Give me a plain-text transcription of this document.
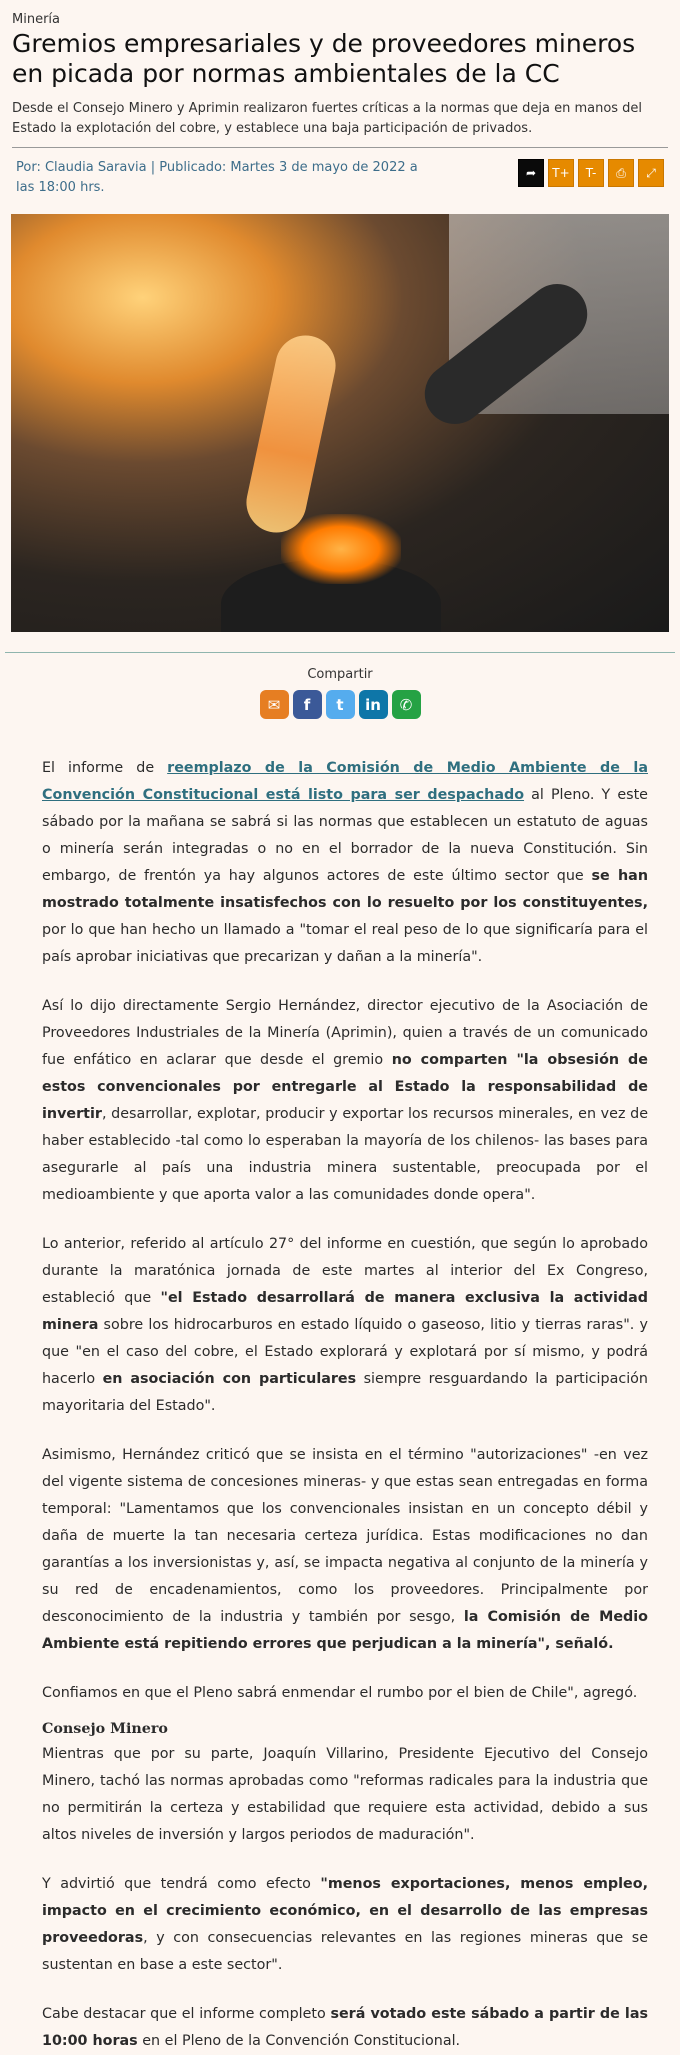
Minería
Gremios empresariales y de proveedores mineros en picada por normas ambientales de la CC

Desde el Consejo Minero y Aprimin realizaron fuertes críticas a la normas que deja en manos del Estado la explotación del cobre, y establece una baja participación de privados.

Por: Claudia Saravia | Publicado: Martes 3 de mayo de 2022 a las 18:00 hrs.
➦	T+	T-	⎙	⤢
Compartir
✉	f	t	in	✆

El informe de reemplazo de la Comisión de Medio Ambiente de la Convención Constitucional está listo para ser despachado al Pleno. Y este sábado por la mañana se sabrá si las normas que establecen un estatuto de aguas o minería serán integradas o no en el borrador de la nueva Constitución. Sin embargo, de frentón ya hay algunos actores de este último sector que se han mostrado totalmente insatisfechos con lo resuelto por los constituyentes, por lo que han hecho un llamado a "tomar el real peso de lo que significaría para el país aprobar iniciativas que precarizan y dañan a la minería".

Así lo dijo directamente Sergio Hernández, director ejecutivo de la Asociación de Proveedores Industriales de la Minería (Aprimin), quien a través de un comunicado fue enfático en aclarar que desde el gremio no comparten "la obsesión de estos convencionales por entregarle al Estado la responsabilidad de invertir, desarrollar, explotar, producir y exportar los recursos minerales, en vez de haber establecido -tal como lo esperaban la mayoría de los chilenos- las bases para asegurarle al país una industria minera sustentable, preocupada por el medioambiente y que aporta valor a las comunidades donde opera".

Lo anterior, referido al artículo 27° del informe en cuestión, que según lo aprobado durante la maratónica jornada de este martes al interior del Ex Congreso, estableció que "el Estado desarrollará de manera exclusiva la actividad minera sobre los hidrocarburos en estado líquido o gaseoso, litio y tierras raras". y que "en el caso del cobre, el Estado explorará y explotará por sí mismo, y podrá hacerlo en asociación con particulares siempre resguardando la participación mayoritaria del Estado".

Asimismo, Hernández criticó que se insista en el término "autorizaciones" -en vez del vigente sistema de concesiones mineras- y que estas sean entregadas en forma temporal: "Lamentamos que los convencionales insistan en un concepto débil y daña de muerte la tan necesaria certeza jurídica. Estas modificaciones no dan garantías a los inversionistas y, así, se impacta negativa al conjunto de la minería y su red de encadenamientos, como los proveedores. Principalmente por desconocimiento de la industria y también por sesgo, la Comisión de Medio Ambiente está repitiendo errores que perjudican a la minería", señaló.

Confiamos en que el Pleno sabrá enmendar el rumbo por el bien de Chile", agregó.

Consejo Minero

Mientras que por su parte, Joaquín Villarino, Presidente Ejecutivo del Consejo Minero, tachó las normas aprobadas como "reformas radicales para la industria que no permitirán la certeza y estabilidad que requiere esta actividad, debido a sus altos niveles de inversión y largos periodos de maduración".

Y advirtió que tendrá como efecto "menos exportaciones, menos empleo, impacto en el crecimiento económico, en el desarrollo de las empresas proveedoras, y con consecuencias relevantes en las regiones mineras que se sustentan en base a este sector".

Cabe destacar que el informe completo será votado este sábado a partir de las 10:00 horas en el Pleno de la Convención Constitucional.
